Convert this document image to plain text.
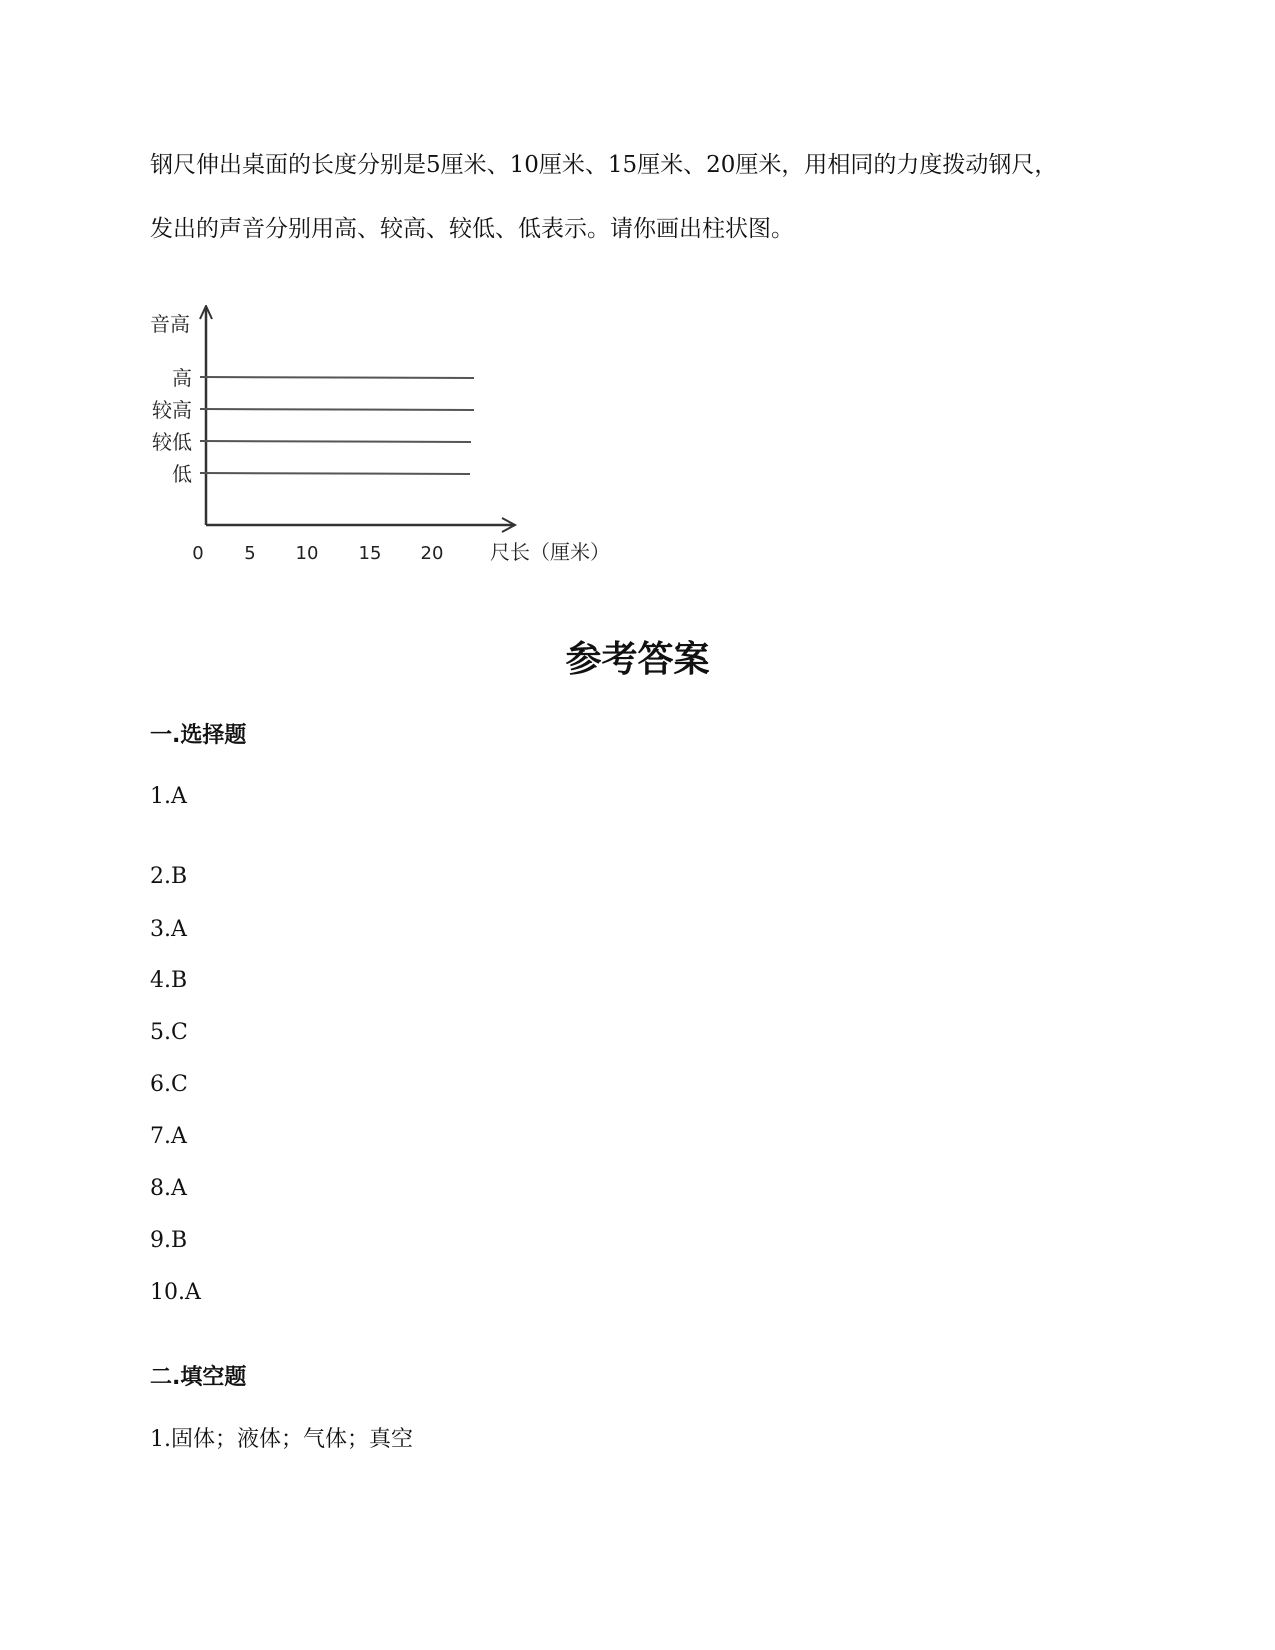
钢尺伸出桌面的长度分别是5厘米、10厘米、15厘米、20厘米，用相同的力度拨动钢尺，
发出的声音分别用高、较高、较低、低表示。请你画出柱状图。
音高
尺长（厘米）
低
较低
较高
高
0 5 10 15 20
参考答案
一.选择题
1.A
2.B
3.A
4.B
5.C
6.C
7.A
8.A
9.B
10.A
二.填空题
1.固体；液体；气体；真空
